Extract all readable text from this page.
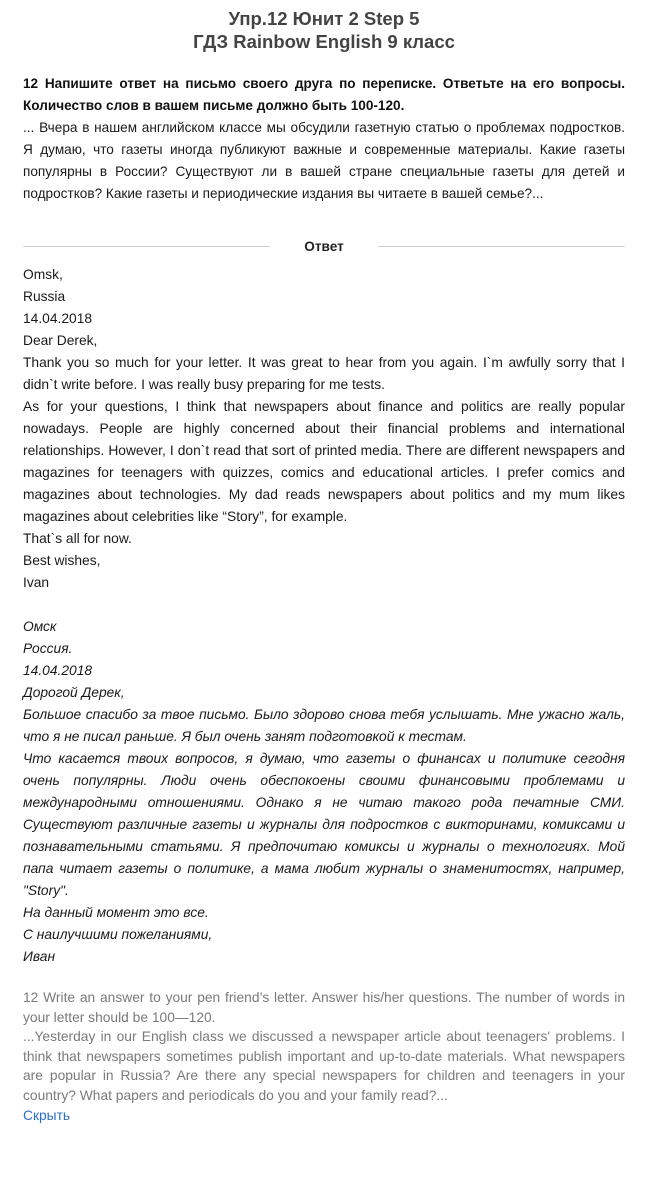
Упр.12 Юнит 2 Step 5
ГДЗ Rainbow English 9 класс
12 Напишите ответ на письмо своего друга по переписке. Ответьте на его вопросы. Количество слов в вашем письме должно быть 100-120.
... Вчера в нашем английском классе мы обсудили газетную статью о проблемах подростков. Я думаю, что газеты иногда публикуют важные и современные материалы. Какие газеты популярны в России? Существуют ли в вашей стране специальные газеты для детей и подростков? Какие газеты и периодические издания вы читаете в вашей семье?...
Ответ

Omsk,

Russia

14.04.2018

Dear Derek,

Thank you so much for your letter. It was great to hear from you again. I`m awfully sorry that I didn`t write before. I was really busy preparing for me tests.

As for your questions, I think that newspapers about finance and politics are really popular nowadays. People are highly concerned about their financial problems and international relationships. However, I don`t read that sort of printed media. There are different newspapers and magazines for teenagers with quizzes, comics and educational articles. I prefer comics and magazines about technologies. My dad reads newspapers about politics and my mum likes magazines about celebrities like “Story”, for example.

That`s all for now.

Best wishes,

Ivan

Омск

Россия.

14.04.2018

Дорогой Дерек,

Большое спасибо за твое письмо. Было здорово снова тебя услышать. Мне ужасно жаль, что я не писал раньше. Я был очень занят подготовкой к тестам.

Что касается твоих вопросов, я думаю, что газеты о финансах и политике сегодня очень популярны. Люди очень обеспокоены своими финансовыми проблемами и международными отношениями. Однако я не читаю такого рода печатные СМИ. Существуют различные газеты и журналы для подростков с викторинами, комиксами и познавательными статьями. Я предпочитаю комиксы и журналы о технологиях. Мой папа читает газеты о политике, а мама любит журналы о знаменитостях, например, "Story".

На данный момент это все.

С наилучшими пожеланиями,

Иван

12 Write an answer to your pen friend’s letter. Answer his/her questions. The number of words in your letter should be 100—120.

...Yesterday in our English class we discussed a newspaper article about teenagers' problems. I think that newspapers sometimes publish important and up-to-date materials. What newspapers are popular in Russia? Are there any special newspapers for children and teenagers in your country? What papers and periodicals do you and your family read?...

Скрыть
